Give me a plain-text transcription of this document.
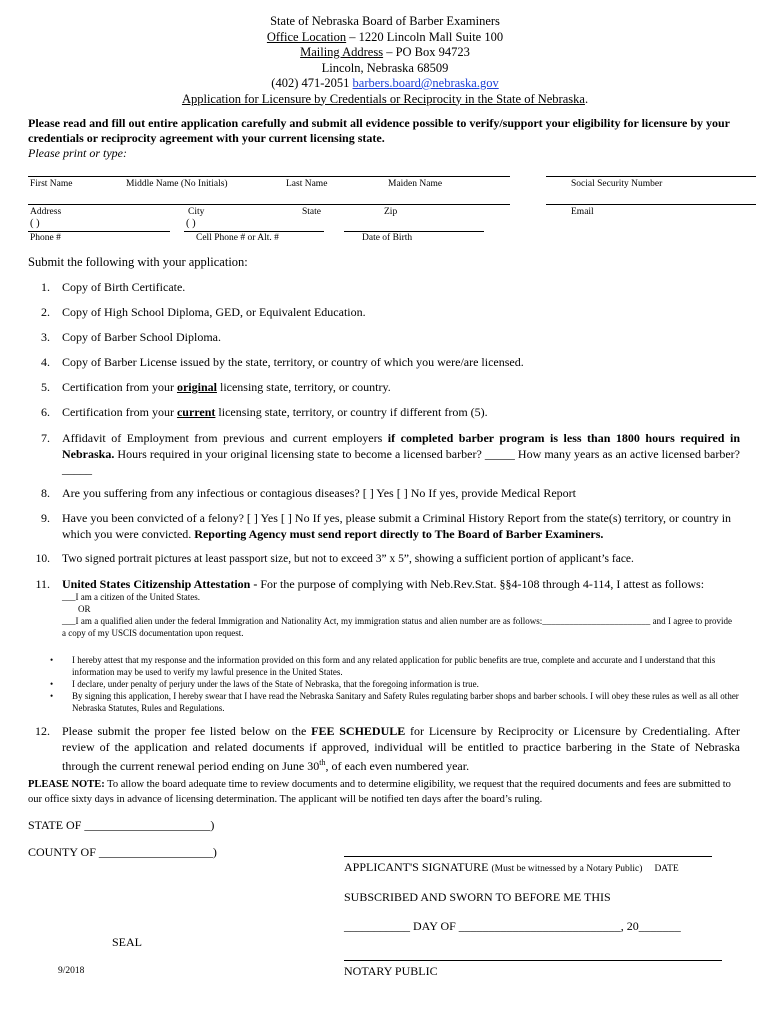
State of Nebraska Board of Barber Examiners
Office Location – 1220 Lincoln Mall Suite 100
Mailing Address – PO Box 94723
Lincoln, Nebraska 68509
(402) 471-2051 barbers.board@nebraska.gov
Application for Licensure by Credentials or Reciprocity in the State of Nebraska.
Please read and fill out entire application carefully and submit all evidence possible to verify/support your eligibility for licensure by your credentials or reciprocity agreement with your current licensing state.
Please print or type:
First Name	Middle Name (No Initials)	Last Name	Maiden Name	Social Security Number
Address	City	State	Zip	Email
( )	( )
Phone #	Cell Phone # or Alt. #	Date of Birth
Submit the following with your application:
1. Copy of Birth Certificate.
2. Copy of High School Diploma, GED, or Equivalent Education.
3. Copy of Barber School Diploma.
4. Copy of Barber License issued by the state, territory, or country of which you were/are licensed.
5. Certification from your original licensing state, territory, or country.
6. Certification from your current licensing state, territory, or country if different from (5).
7. Affidavit of Employment from previous and current employers if completed barber program is less than 1800 hours required in Nebraska. Hours required in your original licensing state to become a licensed barber? _____ How many years as an active licensed barber? _____
8. Are you suffering from any infectious or contagious diseases? [ ] Yes [ ] No If yes, provide Medical Report
9. Have you been convicted of a felony? [ ] Yes [ ] No If yes, please submit a Criminal History Report from the state(s) territory, or country in which you were convicted. Reporting Agency must send report directly to The Board of Barber Examiners.
10. Two signed portrait pictures at least passport size, but not to exceed 3” x 5”, showing a sufficient portion of applicant’s face.
11. United States Citizenship Attestation - For the purpose of complying with Neb.Rev.Stat. §§4-108 through 4-114, I attest as follows:
___I am a citizen of the United States.
OR
___I am a qualified alien under the federal Immigration and Nationality Act, my immigration status and alien number are as follows:________________________ and I agree to provide a copy of my USCIS documentation upon request.
• I hereby attest that my response and the information provided on this form and any related application for public benefits are true, complete and accurate and I understand that this information may be used to verify my lawful presence in the United States.
• I declare, under penalty of perjury under the laws of the State of Nebraska, that the foregoing information is true.
• By signing this application, I hereby swear that I have read the Nebraska Sanitary and Safety Rules regulating barber shops and barber schools. I will obey these rules as well as all other Nebraska Statutes, Rules and Regulations.
12. Please submit the proper fee listed below on the FEE SCHEDULE for Licensure by Reciprocity or Licensure by Credentialing. After review of the application and related documents if approved, individual will be entitled to practice barbering in the State of Nebraska through the current renewal period ending on June 30th, of each even numbered year.
PLEASE NOTE: To allow the board adequate time to review documents and to determine eligibility, we request that the required documents and fees are submitted to our office sixty days in advance of licensing determination. The applicant will be notified ten days after the board’s ruling.
STATE OF _____________________)
COUNTY OF ___________________)
APPLICANT'S SIGNATURE (Must be witnessed by a Notary Public) DATE
SUBSCRIBED AND SWORN TO BEFORE ME THIS
___________ DAY OF ___________________________, 20_______
SEAL
NOTARY PUBLIC
9/2018
